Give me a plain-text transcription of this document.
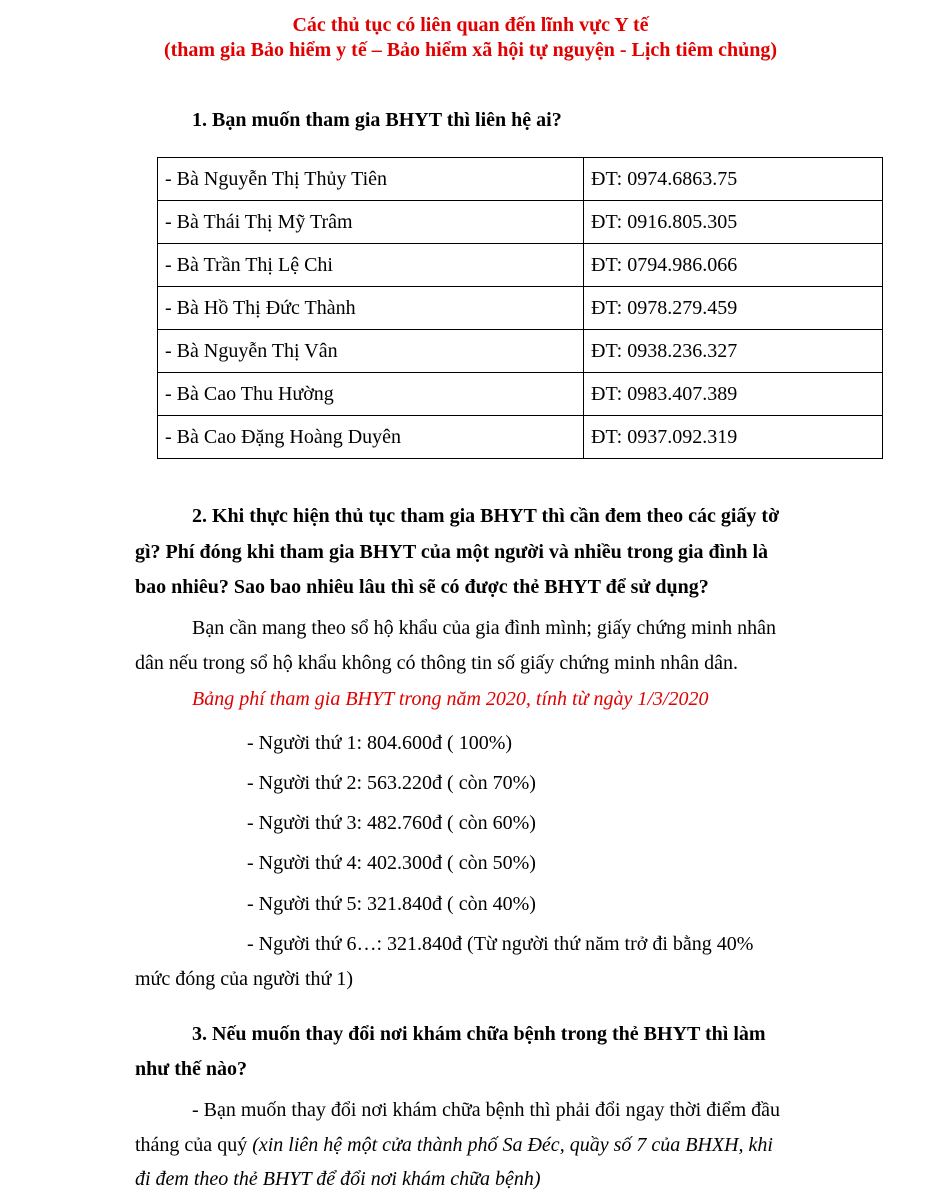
Các thủ tục có liên quan đến lĩnh vực Y tế
(tham gia Bảo hiểm y tế – Bảo hiểm xã hội tự nguyện - Lịch tiêm chủng)
1. Bạn muốn tham gia BHYT thì liên hệ ai?
- Bà Nguyễn Thị Thủy Tiên	ĐT: 0974.6863.75
- Bà Thái Thị Mỹ Trâm	ĐT: 0916.805.305
- Bà Trần Thị Lệ Chi	ĐT: 0794.986.066
- Bà Hồ Thị Đức Thành	ĐT: 0978.279.459
- Bà Nguyễn Thị Vân	ĐT: 0938.236.327
- Bà Cao Thu Hường	ĐT: 0983.407.389
- Bà Cao Đặng Hoàng Duyên	ĐT: 0937.092.319
2. Khi thực hiện thủ tục tham gia BHYT thì cần đem theo các giấy tờ
gì? Phí đóng khi tham gia BHYT của một người và nhiều trong gia đình là
bao nhiêu? Sao bao nhiêu lâu thì sẽ có được thẻ BHYT để sử dụng?
Bạn cần mang theo sổ hộ khẩu của gia đình mình; giấy chứng minh nhân
dân nếu trong sổ hộ khẩu không có thông tin số giấy chứng minh nhân dân.
Bảng phí tham gia BHYT trong năm 2020, tính từ ngày 1/3/2020
- Người thứ 1: 804.600đ ( 100%)
- Người thứ 2: 563.220đ ( còn 70%)
- Người thứ 3: 482.760đ ( còn 60%)
- Người thứ 4: 402.300đ ( còn 50%)
- Người thứ 5: 321.840đ ( còn 40%)
- Người thứ 6…: 321.840đ (Từ người thứ năm trở đi bằng 40%
mức đóng của người thứ 1)
3. Nếu muốn thay đổi nơi khám chữa bệnh trong thẻ BHYT thì làm
như thế nào?
- Bạn muốn thay đổi nơi khám chữa bệnh thì phải đổi ngay thời điểm đầu
tháng của quý (xin liên hệ một cửa thành phố Sa Đéc, quầy số 7 của BHXH, khi
đi đem theo thẻ BHYT để đổi nơi khám chữa bệnh)
